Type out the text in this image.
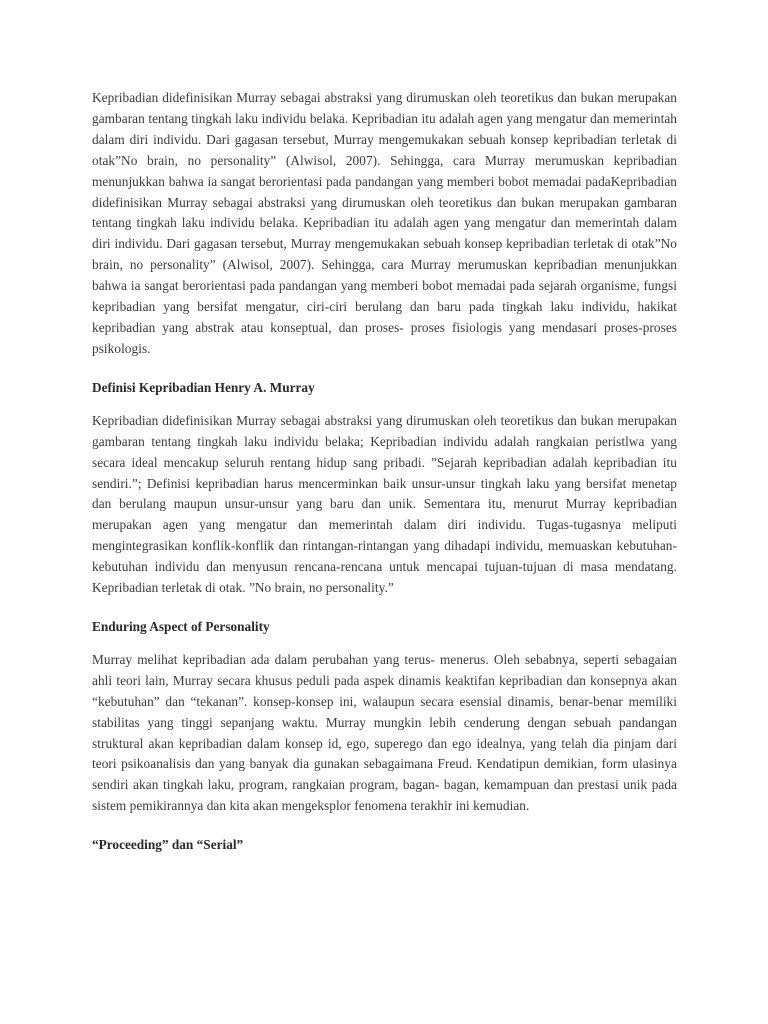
Kepribadian didefinisikan Murray sebagai abstraksi yang dirumuskan oleh teoretikus dan bukan merupakan gambaran tentang tingkah laku individu belaka. Kepribadian itu adalah agen yang mengatur dan memerintah dalam diri individu. Dari gagasan tersebut, Murray mengemukakan sebuah konsep kepribadian terletak di otak”No brain, no personality” (Alwisol, 2007). Sehingga, cara Murray merumuskan kepribadian menunjukkan bahwa ia sangat berorientasi pada pandangan yang memberi bobot memadai padaKepribadian didefinisikan Murray sebagai abstraksi yang dirumuskan oleh teoretikus dan bukan merupakan gambaran tentang tingkah laku individu belaka. Kepribadian itu adalah agen yang mengatur dan memerintah dalam diri individu. Dari gagasan tersebut, Murray mengemukakan sebuah konsep kepribadian terletak di otak”No brain, no personality” (Alwisol, 2007). Sehingga, cara Murray merumuskan kepribadian menunjukkan bahwa ia sangat berorientasi pada pandangan yang memberi bobot memadai pada sejarah organisme, fungsi kepribadian yang bersifat mengatur, ciri-ciri berulang dan baru pada tingkah laku individu, hakikat kepribadian yang abstrak atau konseptual, dan proses- proses fisiologis yang mendasari proses-proses psikologis.

Definisi Kepribadian Henry A. Murray

Kepribadian didefinisikan Murray sebagai abstraksi yang dirumuskan oleh teoretikus dan bukan merupakan gambaran tentang tingkah laku individu belaka; Kepribadian individu adalah rangkaian peristlwa yang secara ideal mencakup seluruh rentang hidup sang pribadi. ”Sejarah kepribadian adalah kepribadian itu sendiri.”; Definisi kepribadian harus mencerminkan baik unsur-unsur tingkah laku yang bersifat menetap dan berulang maupun unsur-unsur yang baru dan unik. Sementara itu, menurut Murray kepribadian merupakan agen yang mengatur dan memerintah dalam diri individu. Tugas-tugasnya meliputi mengintegrasikan konflik-konflik dan rintangan-rintangan yang dihadapi individu, memuaskan kebutuhan- kebutuhan individu dan menyusun rencana-rencana untuk mencapai tujuan-tujuan di masa mendatang. Kepribadian terletak di otak. ”No brain, no personality.”

Enduring Aspect of Personality

Murray melihat kepribadian ada dalam perubahan yang terus- menerus. Oleh sebabnya, seperti sebagaian ahli teori lain, Murray secara khusus peduli pada aspek dinamis keaktifan kepribadian dan konsepnya akan “kebutuhan” dan “tekanan”. konsep-konsep ini, walaupun secara esensial dinamis, benar-benar memiliki stabilitas yang tinggi sepanjang waktu. Murray mungkin lebih cenderung dengan sebuah pandangan struktural akan kepribadian dalam konsep id, ego, superego dan ego idealnya, yang telah dia pinjam dari teori psikoanalisis dan yang banyak dia gunakan sebagaimana Freud. Kendatipun demikian, form ulasinya sendiri akan tingkah laku, program, rangkaian program, bagan- bagan, kemampuan dan prestasi unik pada sistem pemikirannya dan kita akan mengeksplor fenomena terakhir ini kemudian.

“Proceeding” dan “Serial”
